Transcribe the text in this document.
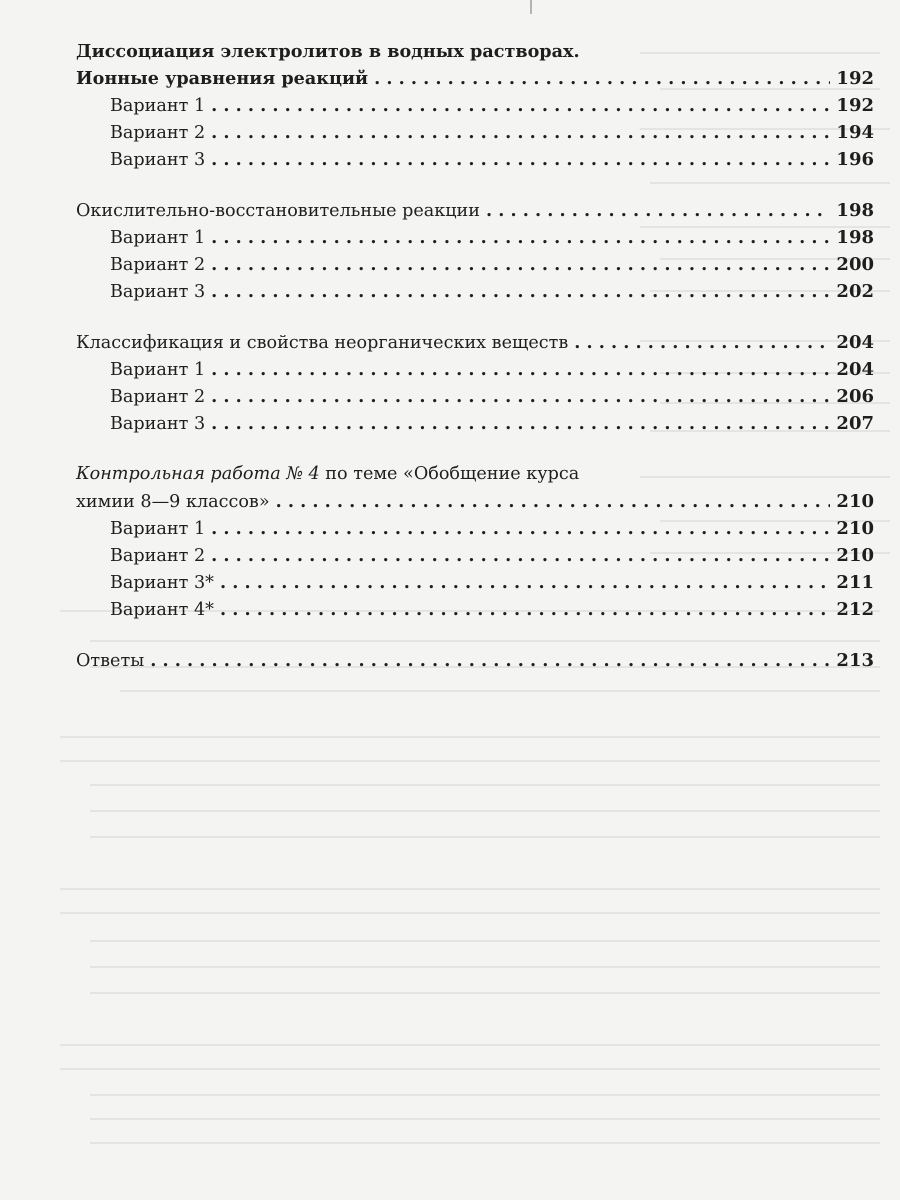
Диссоциация электролитов в водных растворах.
Ионные уравнения реакций . . .	192
Вариант 1 . . .	192
Вариант 2 . . .	194
Вариант 3 . . .	196
Окислительно-восстановительные реакции . . .	198
Вариант 1 . . .	198
Вариант 2 . . .	200
Вариант 3 . . .	202
Классификация и свойства неорганических веществ . . .	204
Вариант 1 . . .	204
Вариант 2 . . .	206
Вариант 3 . . .	207
Контрольная работа № 4 по теме «Обобщение курса
химии 8—9 классов» . . .	210
Вариант 1 . . .	210
Вариант 2 . . .	210
Вариант 3* . . .	211
Вариант 4* . . .	212
Ответы . . .	213
